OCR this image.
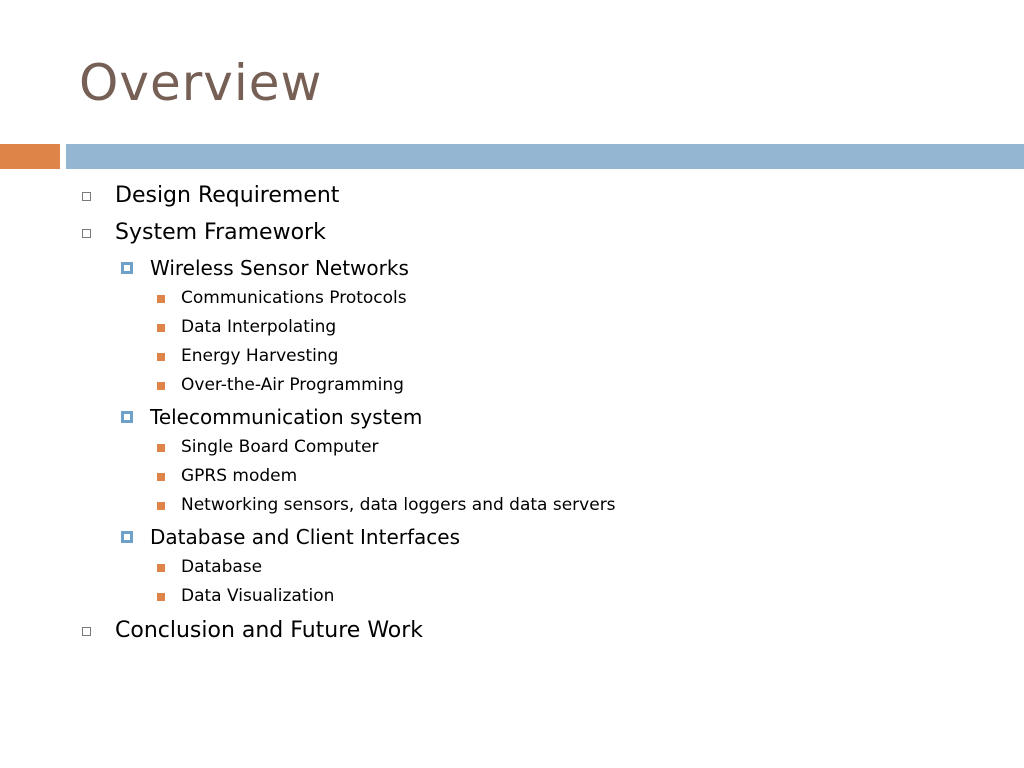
Overview
Design Requirement
System Framework
Wireless Sensor Networks
Communications Protocols
Data Interpolating
Energy Harvesting
Over-the-Air Programming
Telecommunication system
Single Board Computer
GPRS modem
Networking sensors, data loggers and data servers
Database and Client Interfaces
Database
Data Visualization
Conclusion and Future Work
